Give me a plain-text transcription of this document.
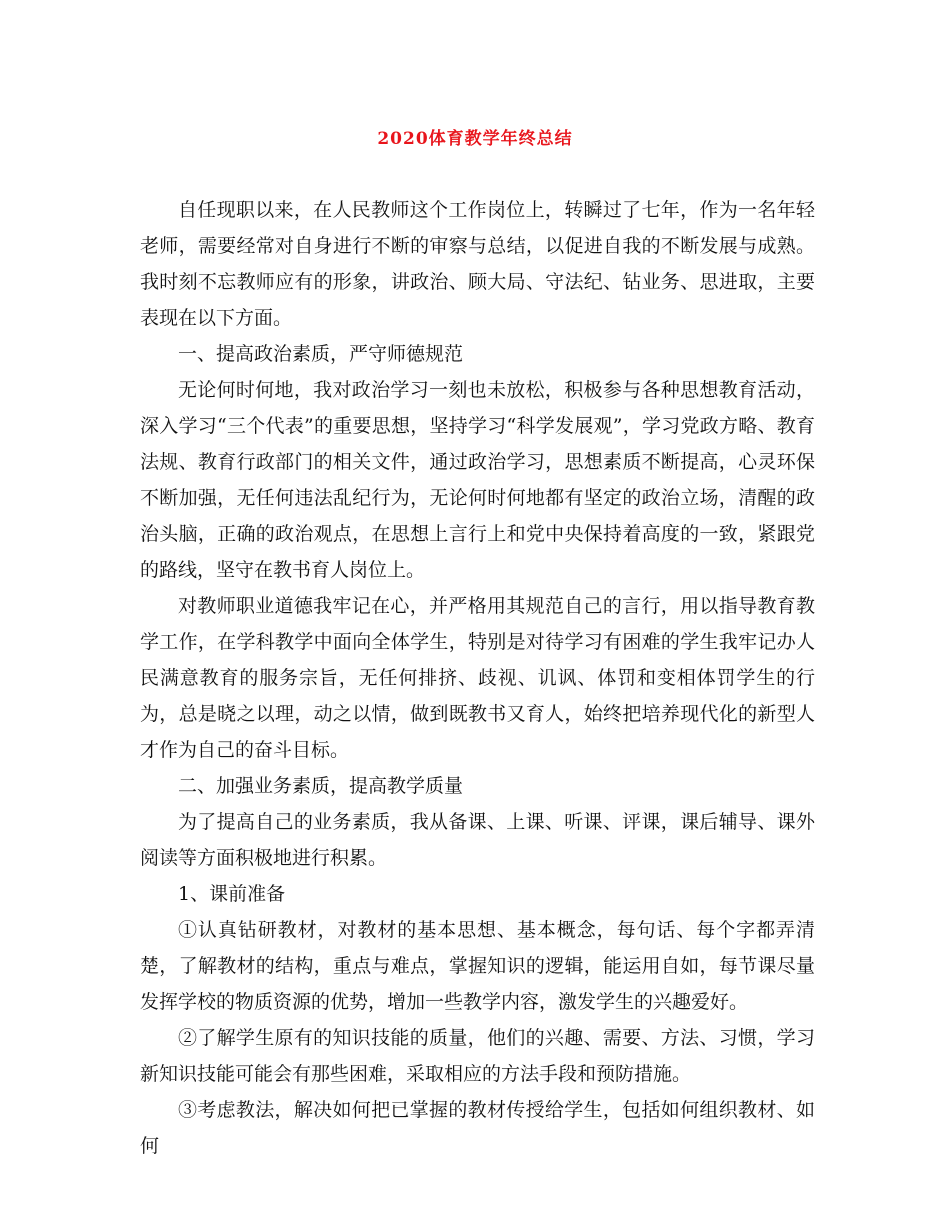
2020体育教学年终总结

自任现职以来，在人民教师这个工作岗位上，转瞬过了七年，作为一名年轻老师，需要经常对自身进行不断的审察与总结，以促进自我的不断发展与成熟。我时刻不忘教师应有的形象，讲政治、顾大局、守法纪、钻业务、思进取，主要表现在以下方面。

一、提高政治素质，严守师德规范

无论何时何地，我对政治学习一刻也未放松，积极参与各种思想教育活动，深入学习“三个代表”的重要思想，坚持学习“科学发展观”，学习党政方略、教育法规、教育行政部门的相关文件，通过政治学习，思想素质不断提高，心灵环保不断加强，无任何违法乱纪行为，无论何时何地都有坚定的政治立场，清醒的政治头脑，正确的政治观点，在思想上言行上和党中央保持着高度的一致，紧跟党的路线，坚守在教书育人岗位上。

对教师职业道德我牢记在心，并严格用其规范自己的言行，用以指导教育教学工作，在学科教学中面向全体学生，特别是对待学习有困难的学生我牢记办人民满意教育的服务宗旨，无任何排挤、歧视、讥讽、体罚和变相体罚学生的行为，总是晓之以理，动之以情，做到既教书又育人，始终把培养现代化的新型人才作为自己的奋斗目标。

二、加强业务素质，提高教学质量

为了提高自己的业务素质，我从备课、上课、听课、评课，课后辅导、课外阅读等方面积极地进行积累。

1、课前准备

①认真钻研教材，对教材的基本思想、基本概念，每句话、每个字都弄清楚，了解教材的结构，重点与难点，掌握知识的逻辑，能运用自如，每节课尽量发挥学校的物质资源的优势，增加一些教学内容，激发学生的兴趣爱好。

②了解学生原有的知识技能的质量，他们的兴趣、需要、方法、习惯，学习新知识技能可能会有那些困难，采取相应的方法手段和预防措施。

③考虑教法，解决如何把已掌握的教材传授给学生，包括如何组织教材、如何
